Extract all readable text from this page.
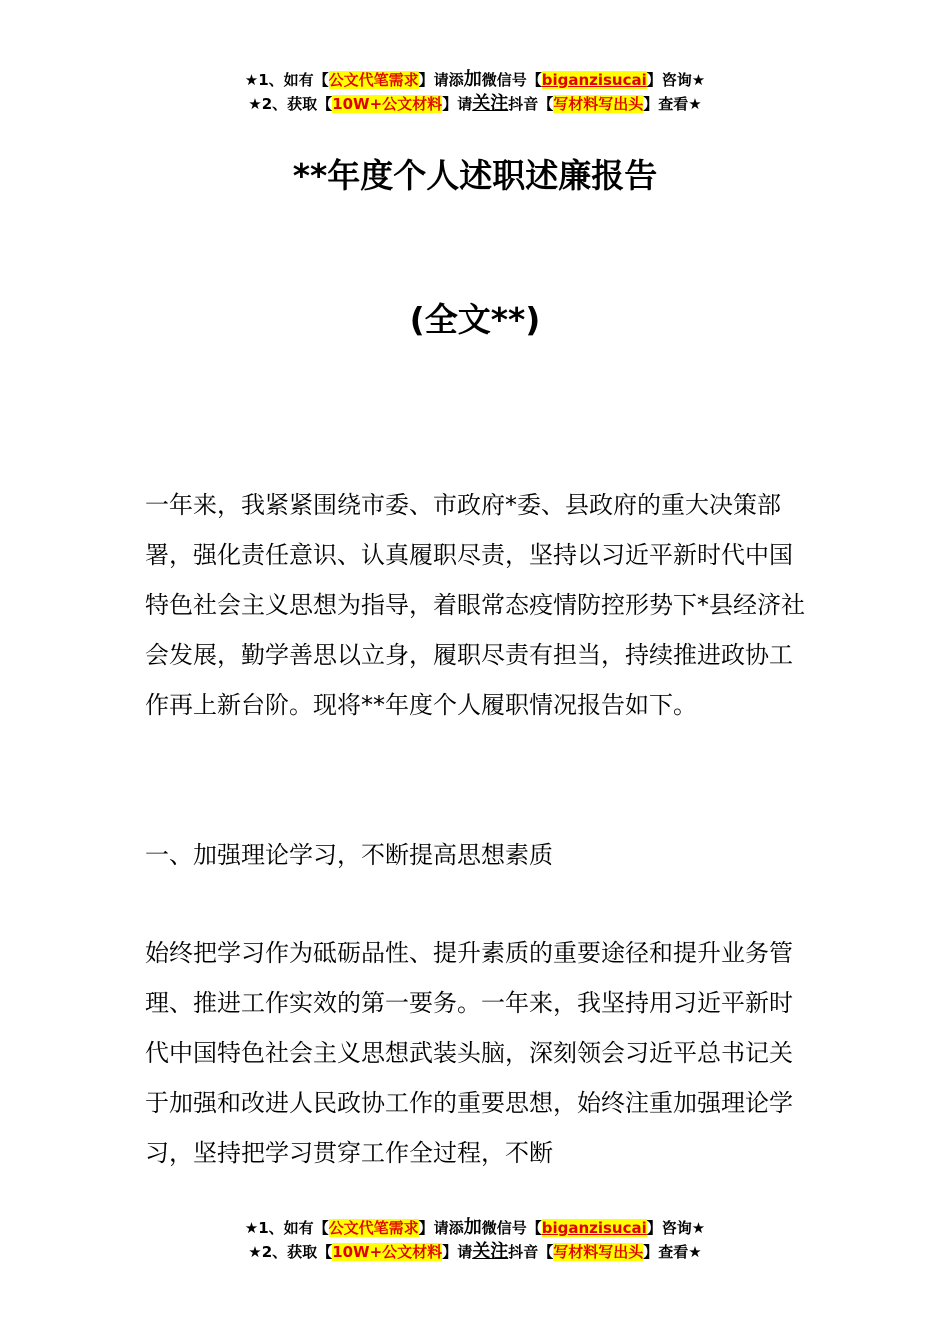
★1、如有【公文代笔需求】请添加微信号【biganzisucai】咨询★
★2、获取【10W+公文材料】请关注抖音【写材料写出头】查看★
**年度个人述职述廉报告
(全文**)

一年来，我紧紧围绕市委、市政府*委、县政府的重大决策部署，强化责任意识、认真履职尽责，坚持以习近平新时代中国特色社会主义思想为指导，着眼常态疫情防控形势下*县经济社会发展，勤学善思以立身，履职尽责有担当，持续推进政协工作再上新台阶。现将**年度个人履职情况报告如下。

一、加强理论学习，不断提高思想素质

始终把学习作为砥砺品性、提升素质的重要途径和提升业务管理、推进工作实效的第一要务。一年来，我坚持用习近平新时代中国特色社会主义思想武装头脑，深刻领会习近平总书记关于加强和改进人民政协工作的重要思想，始终注重加强理论学习，坚持把学习贯穿工作全过程，不断

★1、如有【公文代笔需求】请添加微信号【biganzisucai】咨询★
★2、获取【10W+公文材料】请关注抖音【写材料写出头】查看★
